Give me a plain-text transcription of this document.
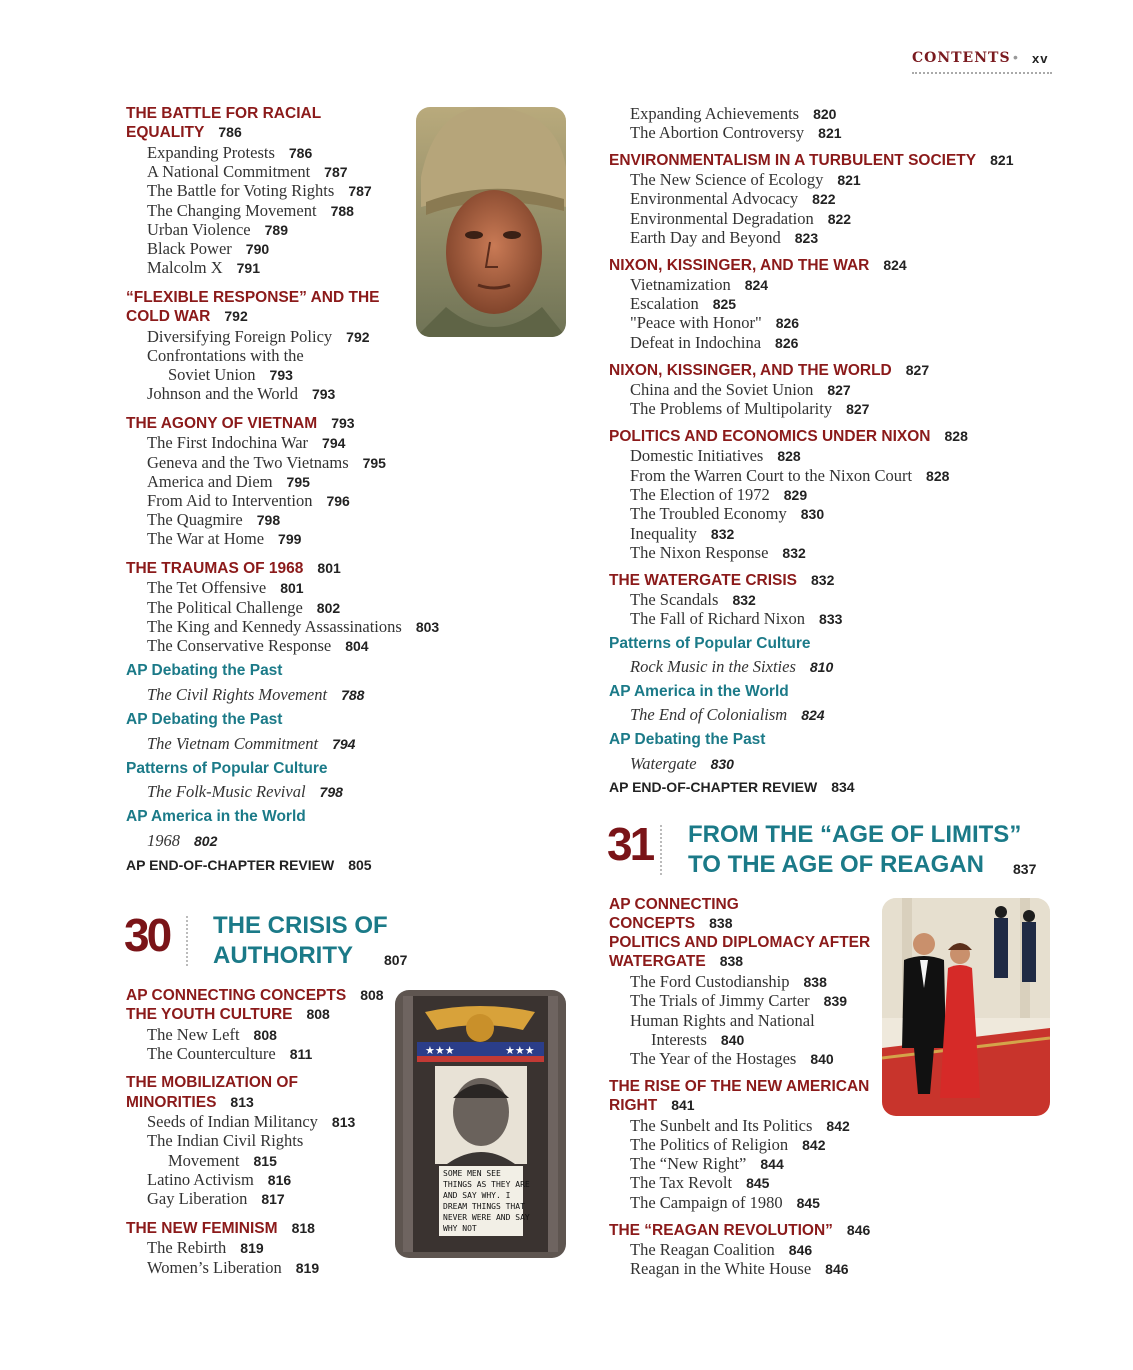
CONTENTS • xv
THE BATTLE FOR RACIAL
EQUALITY 786
Expanding Protests 786
A National Commitment 787
The Battle for Voting Rights 787
The Changing Movement 788
Urban Violence 789
Black Power 790
Malcolm X 791
“FLEXIBLE RESPONSE” AND THE
COLD WAR 792
Diversifying Foreign Policy 792
Confrontations with the
Soviet Union 793
Johnson and the World 793
THE AGONY OF VIETNAM 793
The First Indochina War 794
Geneva and the Two Vietnams 795
America and Diem 795
From Aid to Intervention 796
The Quagmire 798
The War at Home 799
THE TRAUMAS OF 1968 801
The Tet Offensive 801
The Political Challenge 802
The King and Kennedy Assassinations 803
The Conservative Response 804
AP Debating the Past
The Civil Rights Movement 788
AP Debating the Past
The Vietnam Commitment 794
Patterns of Popular Culture
The Folk-Music Revival 798
AP America in the World
1968 802
AP END-OF-CHAPTER REVIEW 805
30 THE CRISIS OF
AUTHORITY 807
AP CONNECTING CONCEPTS 808
THE YOUTH CULTURE 808
The New Left 808
The Counterculture 811
THE MOBILIZATION OF
MINORITIES 813
Seeds of Indian Militancy 813
The Indian Civil Rights
Movement 815
Latino Activism 816
Gay Liberation 817
THE NEW FEMINISM 818
The Rebirth 819
Women’s Liberation 819
★★★	★★★
SOME MEN SEE
THINGS AS THEY ARE
AND SAY WHY. I
DREAM THINGS THAT
NEVER WERE AND SAY
WHY NOT
Expanding Achievements 820
The Abortion Controversy 821
ENVIRONMENTALISM IN A TURBULENT SOCIETY 821
The New Science of Ecology 821
Environmental Advocacy 822
Environmental Degradation 822
Earth Day and Beyond 823
NIXON, KISSINGER, AND THE WAR 824
Vietnamization 824
Escalation 825
"Peace with Honor" 826
Defeat in Indochina 826
NIXON, KISSINGER, AND THE WORLD 827
China and the Soviet Union 827
The Problems of Multipolarity 827
POLITICS AND ECONOMICS UNDER NIXON 828
Domestic Initiatives 828
From the Warren Court to the Nixon Court 828
The Election of 1972 829
The Troubled Economy 830
Inequality 832
The Nixon Response 832
THE WATERGATE CRISIS 832
The Scandals 832
The Fall of Richard Nixon 833
Patterns of Popular Culture
Rock Music in the Sixties 810
AP America in the World
The End of Colonialism 824
AP Debating the Past
Watergate 830
AP END-OF-CHAPTER REVIEW 834
31 FROM THE “AGE OF LIMITS”
TO THE AGE OF REAGAN 837
AP CONNECTING
CONCEPTS 838
POLITICS AND DIPLOMACY AFTER
WATERGATE 838
The Ford Custodianship 838
The Trials of Jimmy Carter 839
Human Rights and National
Interests 840
The Year of the Hostages 840
THE RISE OF THE NEW AMERICAN
RIGHT 841
The Sunbelt and Its Politics 842
The Politics of Religion 842
The “New Right” 844
The Tax Revolt 845
The Campaign of 1980 845
THE “REAGAN REVOLUTION” 846
The Reagan Coalition 846
Reagan in the White House 846
